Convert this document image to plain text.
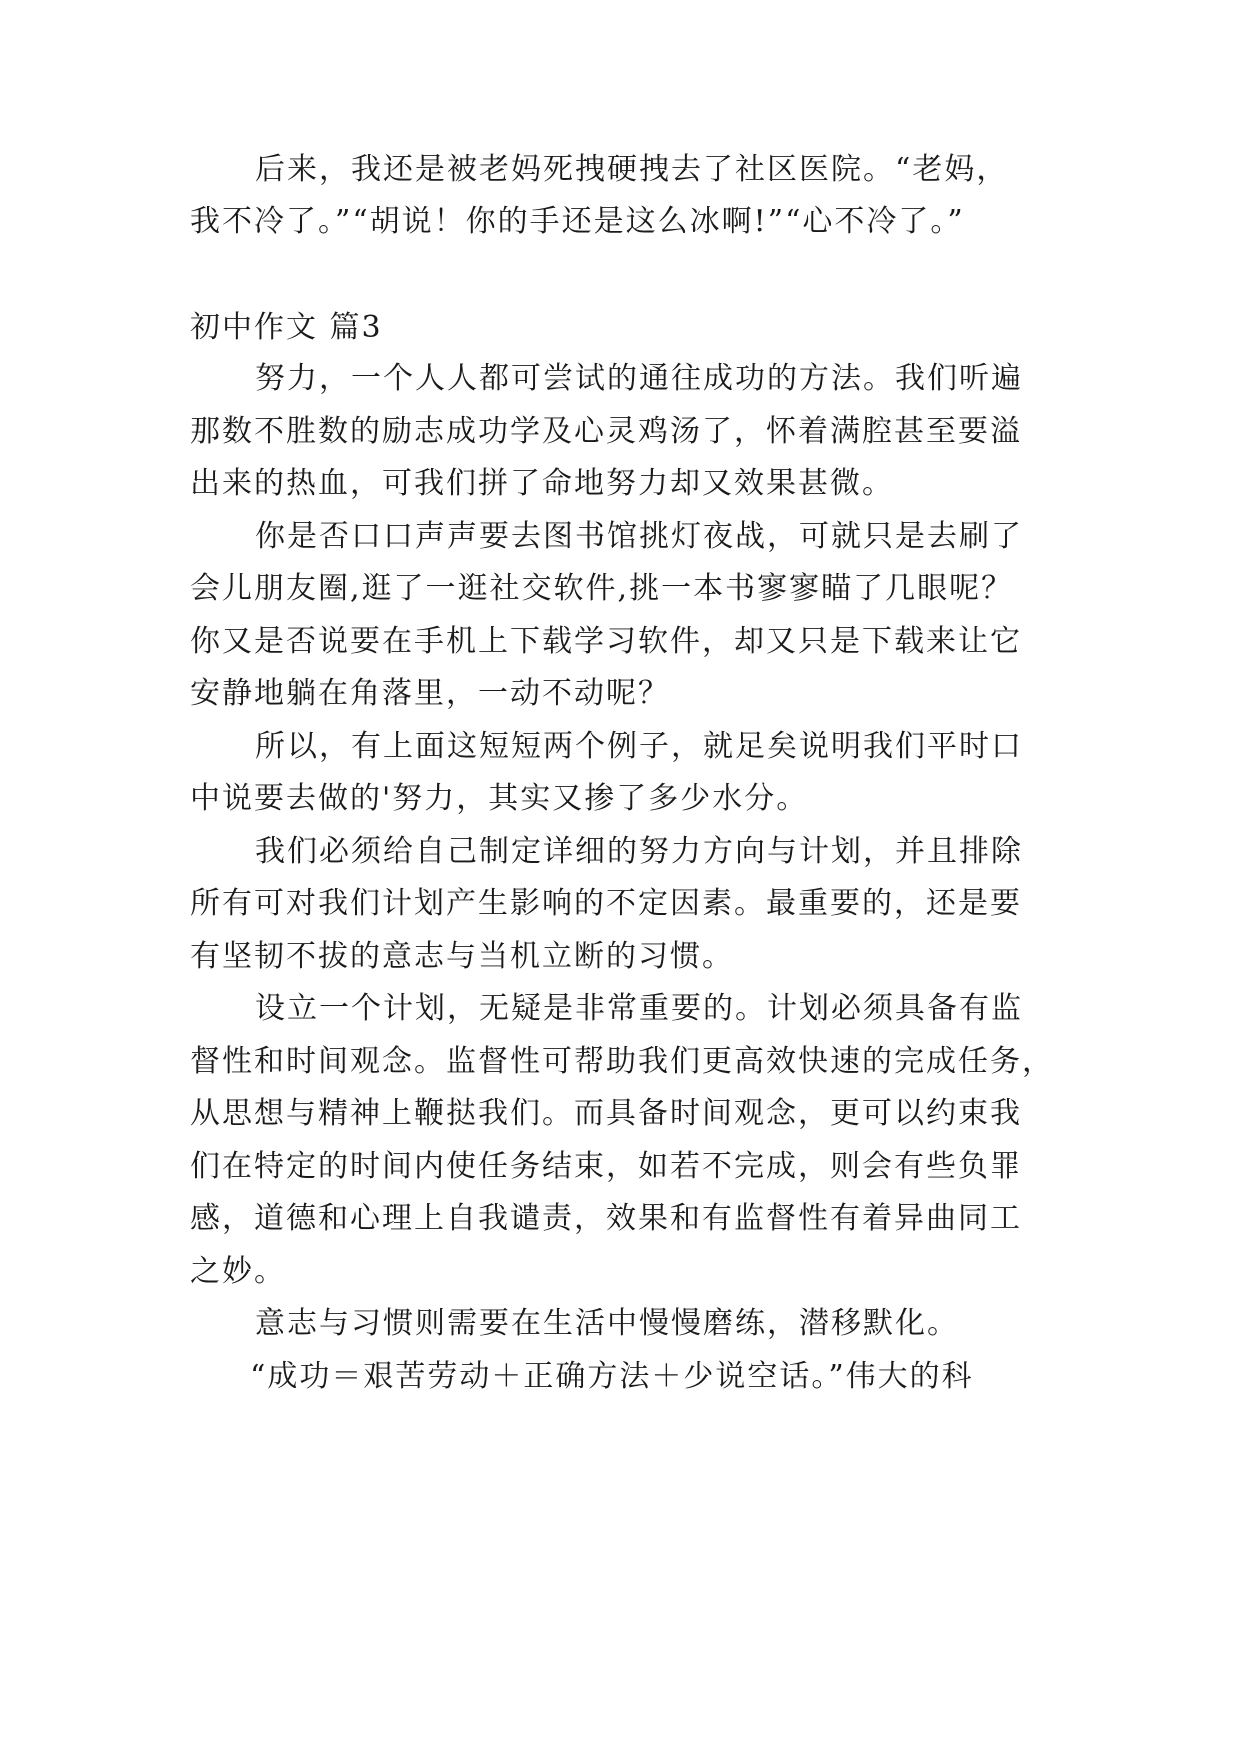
后来，我还是被老妈死拽硬拽去了社区医院。“老妈，
我不冷了。”“胡说！你的手还是这么冰啊!”“心不冷了。”
初中作文 篇3
努力，一个人人都可尝试的通往成功的方法。我们听遍
那数不胜数的励志成功学及心灵鸡汤了，怀着满腔甚至要溢
出来的热血，可我们拼了命地努力却又效果甚微。
你是否口口声声要去图书馆挑灯夜战，可就只是去刷了
会儿朋友圈,逛了一逛社交软件,挑一本书寥寥瞄了几眼呢？
你又是否说要在手机上下载学习软件，却又只是下载来让它
安静地躺在角落里，一动不动呢？
所以，有上面这短短两个例子，就足矣说明我们平时口
中说要去做的'努力，其实又掺了多少水分。
我们必须给自己制定详细的努力方向与计划，并且排除
所有可对我们计划产生影响的不定因素。最重要的，还是要
有坚韧不拔的意志与当机立断的习惯。
设立一个计划，无疑是非常重要的。计划必须具备有监
督性和时间观念。监督性可帮助我们更高效快速的完成任务，
从思想与精神上鞭挞我们。而具备时间观念，更可以约束我
们在特定的时间内使任务结束，如若不完成，则会有些负罪
感，道德和心理上自我谴责，效果和有监督性有着异曲同工
之妙。
意志与习惯则需要在生活中慢慢磨练，潜移默化。
“成功＝艰苦劳动＋正确方法＋少说空话。”伟大的科
